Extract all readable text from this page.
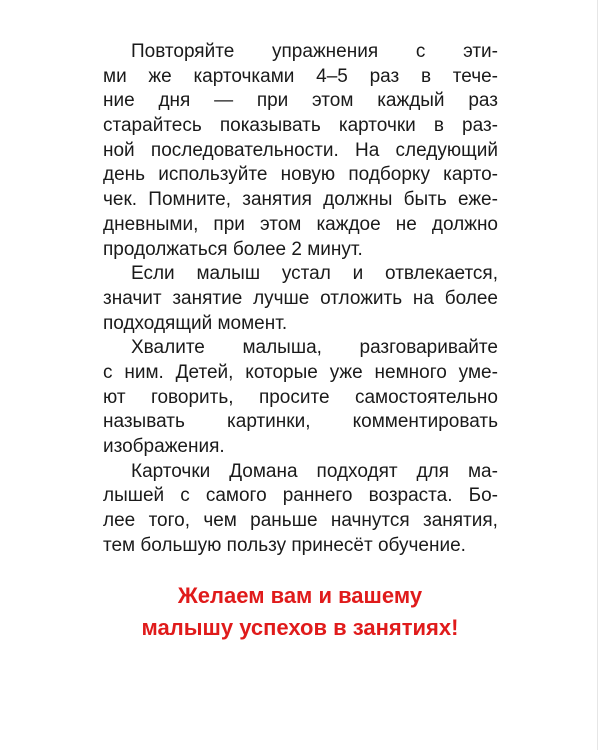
Повторяйте упражнения с эти-
ми же карточками 4–5 раз в тече-
ние дня — при этом каждый раз
старайтесь показывать карточки в раз-
ной последовательности. На следующий
день используйте новую подборку карто-
чек. Помните, занятия должны быть еже-
дневными, при этом каждое не должно
продолжаться более 2 минут.
Если малыш устал и отвлекается,
значит занятие лучше отложить на более
подходящий момент.
Хвалите малыша, разговаривайте
с ним. Детей, которые уже немного уме-
ют говорить, просите самостоятельно
называть картинки, комментировать
изображения.
Карточки Домана подходят для ма-
лышей с самого раннего возраста. Бо-
лее того, чем раньше начнутся занятия,
тем большую пользу принесёт обучение.
Желаем вам и вашему
малышу успехов в занятиях!
